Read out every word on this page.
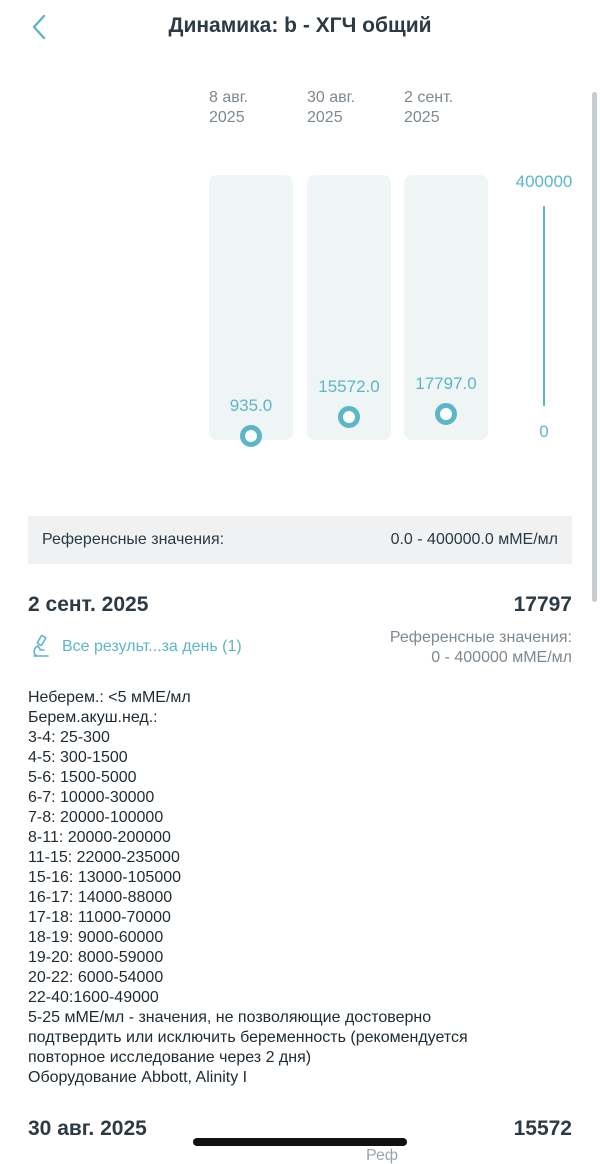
Динамика: b - ХГЧ общий
400000
0
8 авг.
2025
935.0
30 авг.
2025
15572.0
2 сент.
2025
17797.0
Референсные значения:	0.0 - 400000.0 мМЕ/мл
2 сент. 2025	17797
Все результ...за день (1)
Референсные значения:
0 - 400000 мМЕ/мл
Неберем.: <5 мМЕ/мл
Берем.акуш.нед.:
3-4: 25-300
4-5: 300-1500
5-6: 1500-5000
6-7: 10000-30000
7-8: 20000-100000
8-11: 20000-200000
11-15: 22000-235000
15-16: 13000-105000
16-17: 14000-88000
17-18: 11000-70000
18-19: 9000-60000
19-20: 8000-59000
20-22: 6000-54000
22-40:1600-49000
5-25 мМЕ/мл - значения, не позволяющие достоверно
подтвердить или исключить беременность (рекомендуется
повторное исследование через 2 дня)
Оборудование Abbott, Alinity I
30 авг. 2025	15572
Реф
